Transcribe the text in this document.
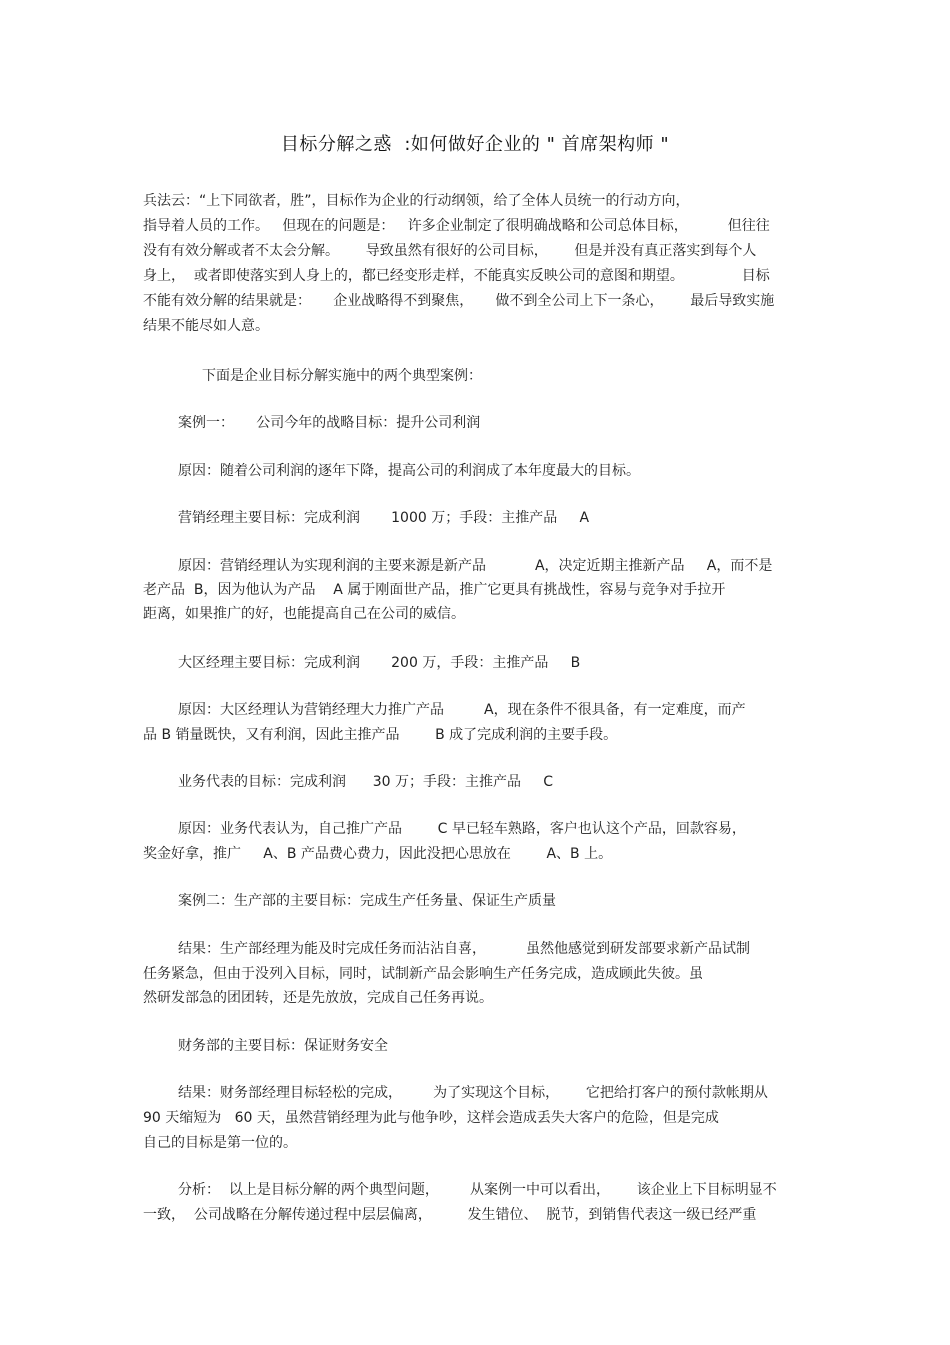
目标分解之惑  :如何做好企业的 " 首席架构师 "
兵法云：“上下同欲者，胜”，目标作为企业的行动纲领，给了全体人员统一的行动方向，
指导着人员的工作。   但现在的问题是：   许多企业制定了很明确战略和公司总体目标，         但往往
没有有效分解或者不太会分解。      导致虽然有很好的公司目标，      但是并没有真正落实到每个人
身上，  或者即使落实到人身上的，都已经变形走样，不能真实反映公司的意图和期望。             目标
不能有效分解的结果就是：     企业战略得不到聚焦，     做不到全公司上下一条心，      最后导致实施
结果不能尽如人意。
下面是企业目标分解实施中的两个典型案例：
案例一：     公司今年的战略目标：提升公司利润
原因：随着公司利润的逐年下降，提高公司的利润成了本年度最大的目标。
营销经理主要目标：完成利润       1000 万；手段：主推产品     A
原因：营销经理认为实现利润的主要来源是新产品           A，决定近期主推新产品     A，而不是
老产品  B，因为他认为产品    A 属于刚面世产品，推广它更具有挑战性，容易与竞争对手拉开
距离，如果推广的好，也能提高自己在公司的威信。
大区经理主要目标：完成利润       200 万，手段：主推产品     B
原因：大区经理认为营销经理大力推广产品         A，现在条件不很具备，有一定难度，而产
品 B 销量既快，又有利润，因此主推产品        B 成了完成利润的主要手段。
业务代表的目标：完成利润      30 万；手段：主推产品     C
原因：业务代表认为，自己推广产品        C 早已轻车熟路，客户也认这个产品，回款容易，
奖金好拿，推广     A、B 产品费心费力，因此没把心思放在        A、B 上。
案例二：生产部的主要目标：完成生产任务量、保证生产质量
结果：生产部经理为能及时完成任务而沾沾自喜，         虽然他感觉到研发部要求新产品试制
任务紧急，但由于没列入目标，同时，试制新产品会影响生产任务完成，造成顾此失彼。虽
然研发部急的团团转，还是先放放，完成自己任务再说。
财务部的主要目标：保证财务安全
结果：财务部经理目标轻松的完成，       为了实现这个目标，      它把给打客户的预付款帐期从
90 天缩短为   60 天，虽然营销经理为此与他争吵，这样会造成丢失大客户的危险，但是完成
自己的目标是第一位的。
分析：  以上是目标分解的两个典型问题，       从案例一中可以看出，      该企业上下目标明显不
一致，  公司战略在分解传递过程中层层偏离，        发生错位、  脱节，到销售代表这一级已经严重
